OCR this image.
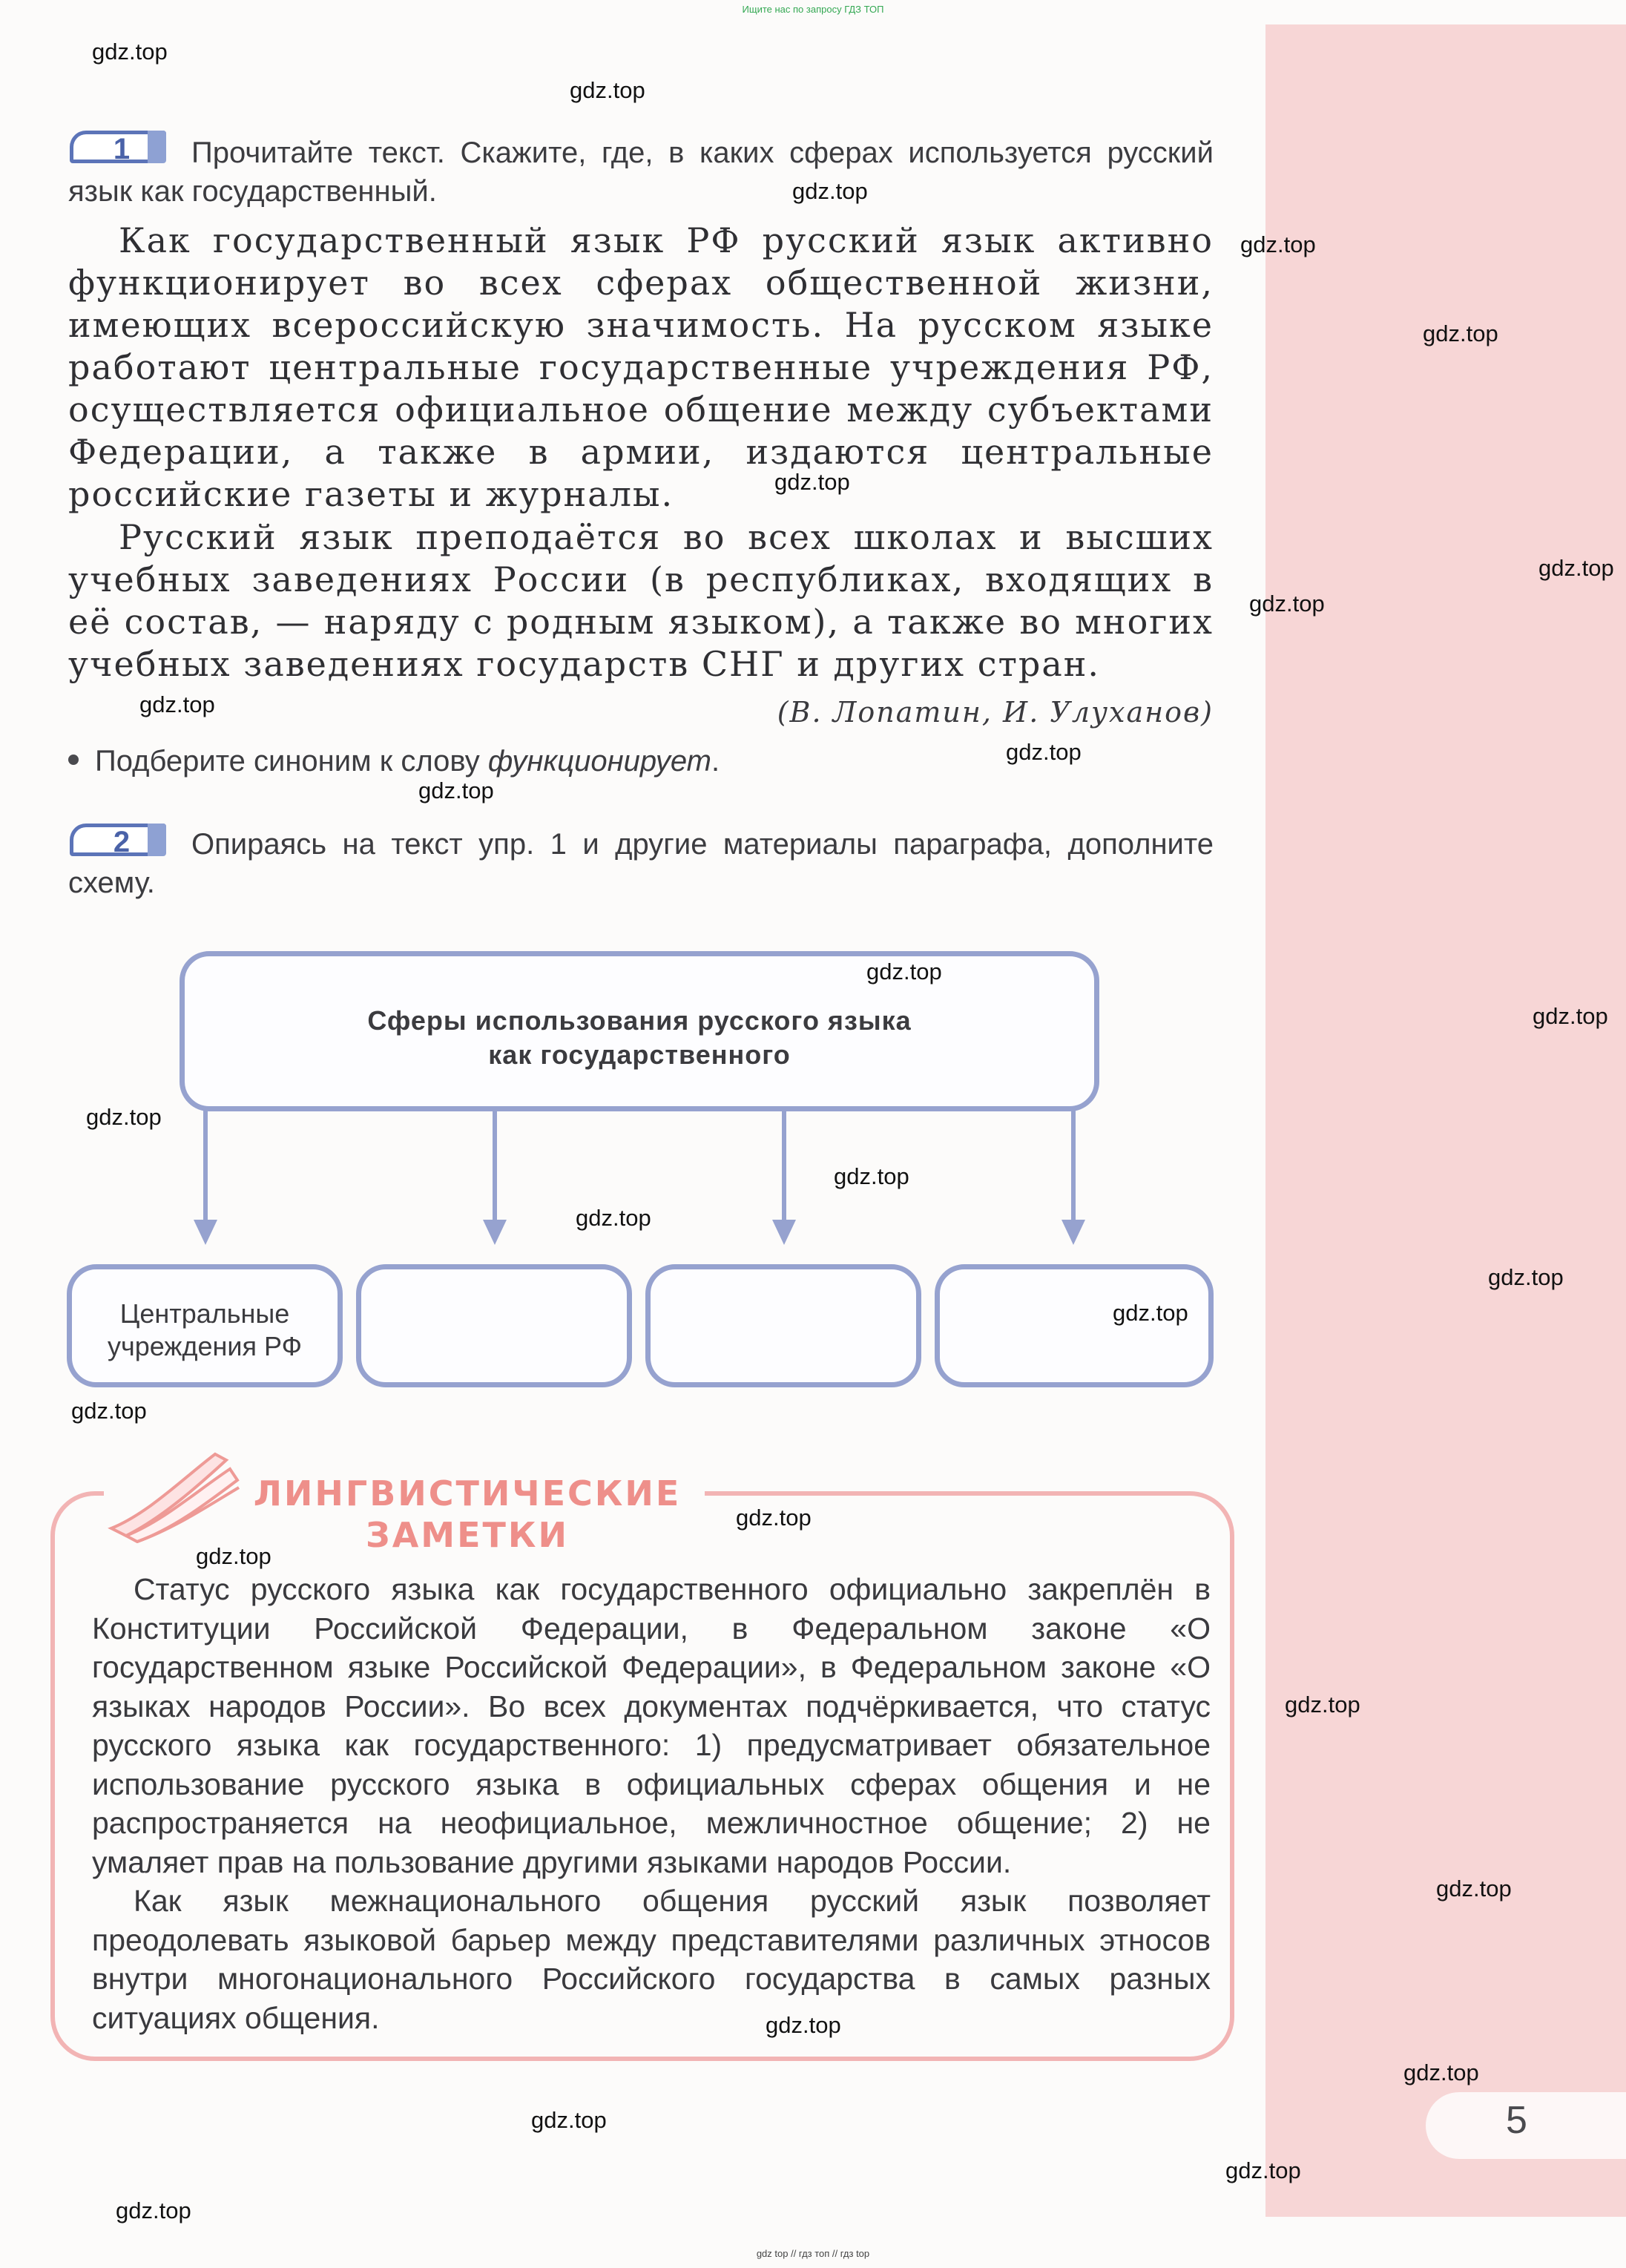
Ищите нас по запросу ГДЗ ТОП
5
1	Прочитайте текст. Скажите, где, в каких сферах используется русский язык как государственный.
Как государственный язык РФ русский язык активно функционирует во всех сферах общественной жизни, имеющих всероссийскую значимость. На русском языке работают центральные государственные учреждения РФ, осуществляется официальное общение между субъектами Федерации, а также в армии, издаются центральные российские газеты и журналы.
Русский язык преподаётся во всех школах и высших учебных заведениях России (в республиках, входящих в её состав, — наряду с родным языком), а также во многих учебных заведениях государств СНГ и других стран.
(В. Лопатин, И. Улуханов)
Подберите синоним к слову функционирует.
2	Опираясь на текст упр. 1 и другие материалы параграфа, дополните схему.
Сферы использования русского языка
как государственного
Центральные
учреждения РФ
ЛИНГВИСТИЧЕСКИЕ
ЗАМЕТКИ
Статус русского языка как государственного официально закреплён в Конституции Российской Федерации, в Федеральном законе «О государственном языке Российской Федерации», в Федеральном законе «О языках народов России». Во всех документах подчёркивается, что статус русского языка как государственного: 1) предусматривает обязательное использование русского языка в официальных сферах общения и не распространяется на неофициальное, межличностное общение; 2) не умаляет прав на пользование другими языками народов России.
Как язык межнационального общения русский язык позволяет преодолевать языковой барьер между представителями различных этносов внутри многонационального Российского государства в самых разных ситуациях общения.
gdz.top
gdz.top
gdz.top
gdz.top
gdz.top
gdz.top
gdz.top
gdz.top
gdz.top
gdz.top
gdz.top
gdz.top
gdz.top
gdz.top
gdz.top
gdz.top
gdz.top
gdz.top
gdz.top
gdz.top
gdz.top
gdz.top
gdz.top
gdz.top
gdz.top
gdz.top
gdz.top
gdz.top
gdz top // гдз топ // гдз top
